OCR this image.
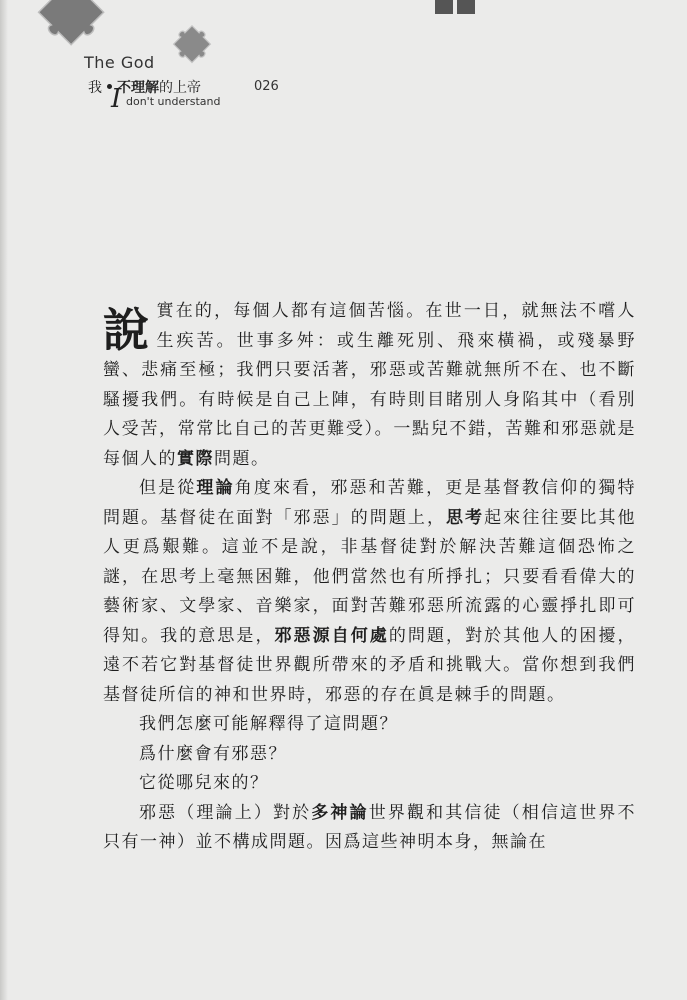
The God
我 不理解的上帝	026
I don't understand

說實在的，每個人都有這個苦惱。在世一日，就無法不嚐人生疾苦。世事多舛：或生離死別、飛來橫禍，或殘暴野蠻、悲痛至極；我們只要活著，邪惡或苦難就無所不在、也不斷騷擾我們。有時候是自己上陣，有時則目睹別人身陷其中（看別人受苦，常常比自己的苦更難受）。一點兒不錯，苦難和邪惡就是每個人的實際問題。

但是從理論角度來看，邪惡和苦難，更是基督教信仰的獨特問題。基督徒在面對「邪惡」的問題上，思考起來往往要比其他人更爲艱難。這並不是說，非基督徒對於解決苦難這個恐怖之謎，在思考上毫無困難，他們當然也有所掙扎；只要看看偉大的藝術家、文學家、音樂家，面對苦難邪惡所流露的心靈掙扎即可得知。我的意思是，邪惡源自何處的問題，對於其他人的困擾，遠不若它對基督徒世界觀所帶來的矛盾和挑戰大。當你想到我們基督徒所信的神和世界時，邪惡的存在眞是棘手的問題。

我們怎麼可能解釋得了這問題？

爲什麼會有邪惡？

它從哪兒來的？

邪惡（理論上）對於多神論世界觀和其信徒（相信這世界不只有一神）並不構成問題。因爲這些神明本身，無論在
